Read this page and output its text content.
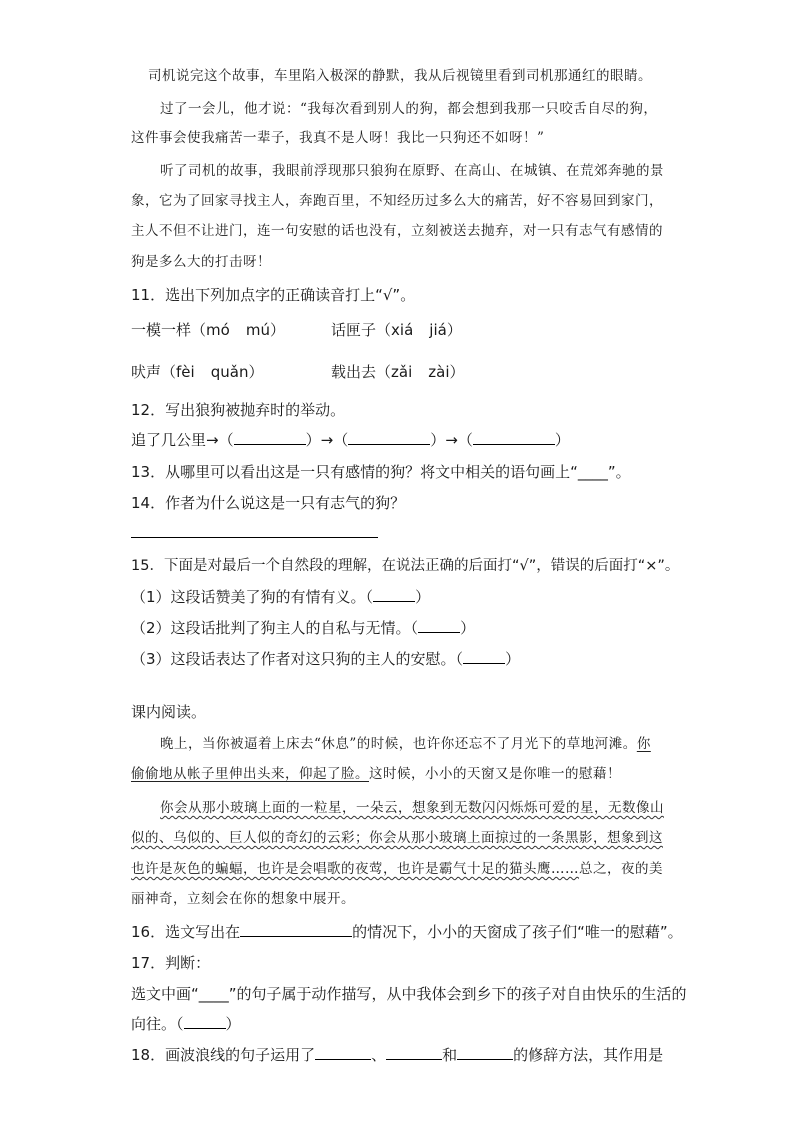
司机说完这个故事，车里陷入极深的静默，我从后视镜里看到司机那通红的眼睛。
过了一会儿，他才说：“我每次看到别人的狗，都会想到我那一只咬舌自尽的狗，
这件事会使我痛苦一辈子，我真不是人呀！我比一只狗还不如呀！”
听了司机的故事，我眼前浮现那只狼狗在原野、在高山、在城镇、在荒郊奔驰的景
象，它为了回家寻找主人，奔跑百里，不知经历过多么大的痛苦，好不容易回到家门，
主人不但不让进门，连一句安慰的话也没有，立刻被送去抛弃，对一只有志气有感情的
狗是多么大的打击呀！
11．选出下列加点字的正确读音打上“√”。
一模一样（mó mú）	话匣子（xiá jiá）
吠声（fèi quǎn）	载出去（zǎi zài）
12．写出狼狗被抛弃时的举动。
追了几公里→（	）→（	）→（	）
13．从哪里可以看出这是一只有感情的狗？将文中相关的语句画上“____”。
14．作者为什么说这是一只有志气的狗？
15．下面是对最后一个自然段的理解，在说法正确的后面打“√”，错误的后面打“×”。
（1）这段话赞美了狗的有情有义。（	）
（2）这段话批判了狗主人的自私与无情。（	）
（3）这段话表达了作者对这只狗的主人的安慰。（	）
课内阅读。
晚上，当你被逼着上床去“休息”的时候，也许你还忘不了月光下的草地河滩。你
偷偷地从帐子里伸出头来，仰起了脸。这时候，小小的天窗又是你唯一的慰藉！
你会从那小玻璃上面的一粒星，一朵云，想象到无数闪闪烁烁可爱的星，无数像山
似的、乌似的、巨人似的奇幻的云彩；你会从那小玻璃上面掠过的一条黑影，想象到这
也许是灰色的蝙蝠，也许是会唱歌的夜莺，也许是霸气十足的猫头鹰……总之，夜的美
丽神奇，立刻会在你的想象中展开。
16．选文写出在	的情况下，小小的天窗成了孩子们“唯一的慰藉”。
17．判断：
选文中画“____”的句子属于动作描写，从中我体会到乡下的孩子对自由快乐的生活的
向往。（	）
18．画波浪线的句子运用了	、	和	的修辞方法，其作用是
